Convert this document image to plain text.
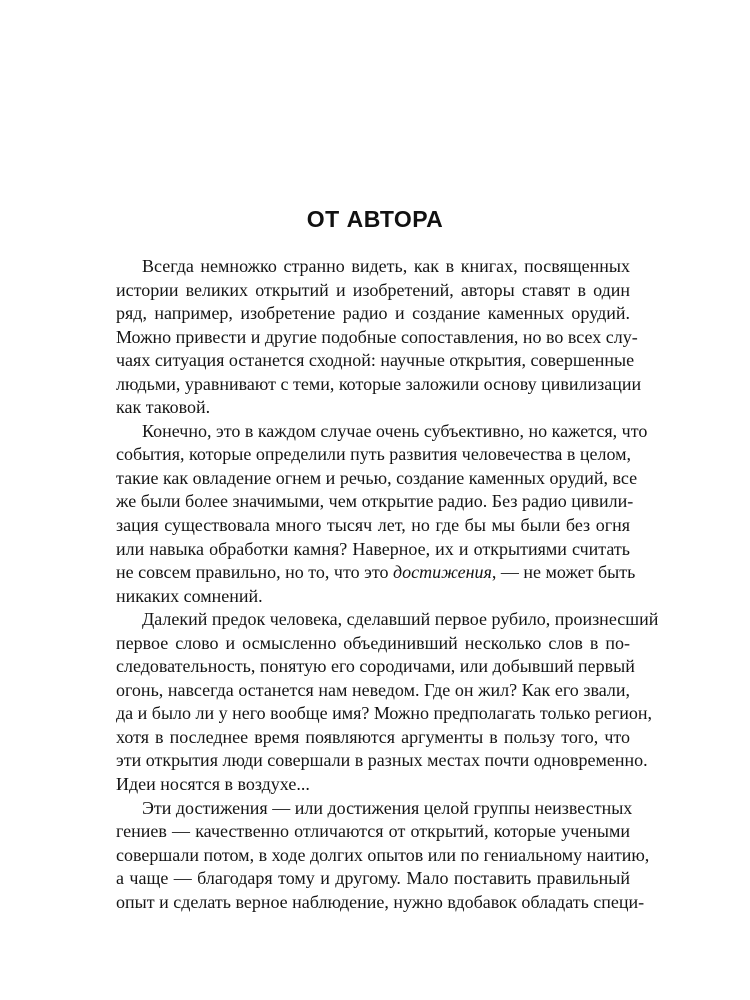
ОТ АВТОРА
Всегда немножко странно видеть, как в книгах, посвященных
истории великих открытий и изобретений, авторы ставят в один
ряд, например, изобретение радио и создание каменных орудий.
Можно привести и другие подобные сопоставления, но во всех слу-
чаях ситуация останется сходной: научные открытия, совершенные
людьми, уравнивают с теми, которые заложили основу цивилизации
как таковой.
Конечно, это в каждом случае очень субъективно, но кажется, что
события, которые определили путь развития человечества в целом,
такие как овладение огнем и речью, создание каменных орудий, все
же были более значимыми, чем открытие радио. Без радио цивили-
зация существовала много тысяч лет, но где бы мы были без огня
или навыка обработки камня? Наверное, их и открытиями считать
не совсем правильно, но то, что это достижения, — не может быть
никаких сомнений.
Далекий предок человека, сделавший первое рубило, произнесший
первое слово и осмысленно объединивший несколько слов в по-
следовательность, понятую его сородичами, или добывший первый
огонь, навсегда останется нам неведом. Где он жил? Как его звали,
да и было ли у него вообще имя? Можно предполагать только регион,
хотя в последнее время появляются аргументы в пользу того, что
эти открытия люди совершали в разных местах почти одновременно.
Идеи носятся в воздухе...
Эти достижения — или достижения целой группы неизвестных
гениев — качественно отличаются от открытий, которые учеными
совершали потом, в ходе долгих опытов или по гениальному наитию,
а чаще — благодаря тому и другому. Мало поставить правильный
опыт и сделать верное наблюдение, нужно вдобавок обладать специ-
